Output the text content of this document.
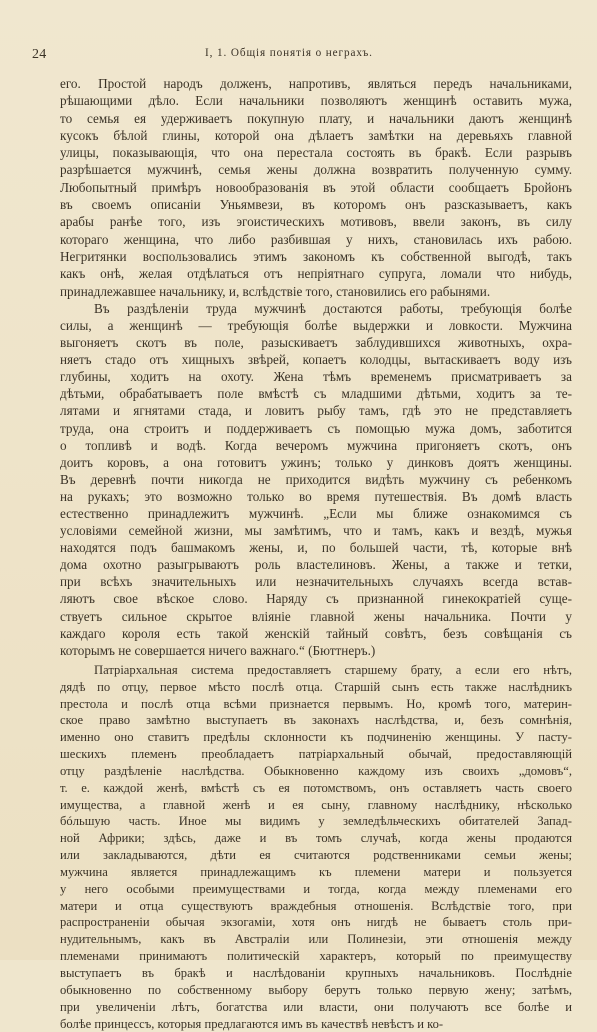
24	I, 1. Общія понятія о неграхъ.
его. Простой народъ долженъ, напротивъ, являться передъ начальниками,
рѣшающими дѣло. Если начальники позволяютъ женщинѣ оставить мужа,
то семья ея удерживаетъ покупную плату, и начальники даютъ женщинѣ
кусокъ бѣлой глины, которой она дѣлаетъ замѣтки на деревьяхъ главной
улицы, показывающія, что она перестала состоять въ бракѣ. Если разрывъ
разрѣшается мужчинѣ, семья жены должна возвратить полученную сумму.
Любопытный примѣръ новообразованія въ этой области сообщаетъ Бройонъ
въ своемъ описаніи Уньямвези, въ которомъ онъ разсказываетъ, какъ
арабы ранѣе того, изъ эгоистическихъ мотивовъ, ввели законъ, въ силу
котораго женщина, что либо разбившая у нихъ, становилась ихъ рабою.
Негритянки воспользовались этимъ закономъ къ собственной выгодѣ, такъ
какъ онѣ, желая отдѣлаться отъ непріятнаго супруга, ломали что нибудь,
принадлежавшее начальнику, и, вслѣдствіе того, становились его рабынями.
Въ раздѣленіи труда мужчинѣ достаются работы, требующія болѣе
силы, а женщинѣ — требующія болѣе выдержки и ловкости. Мужчина
выгоняетъ скотъ въ поле, разыскиваетъ заблудившихся животныхъ, охра-
няетъ стадо отъ хищныхъ звѣрей, копаетъ колодцы, вытаскиваетъ воду изъ
глубины, ходитъ на охоту. Жена тѣмъ временемъ присматриваетъ за
дѣтьми, обрабатываетъ поле вмѣстѣ съ младшими дѣтьми, ходитъ за те-
лятами и ягнятами стада, и ловитъ рыбу тамъ, гдѣ это не представляетъ
труда, она строитъ и поддерживаетъ съ помощью мужа домъ, заботится
о топливѣ и водѣ. Когда вечеромъ мужчина пригоняетъ скотъ, онъ
доитъ коровъ, а она готовитъ ужинъ; только у динковъ доятъ женщины.
Въ деревнѣ почти никогда не приходится видѣть мужчину съ ребенкомъ
на рукахъ; это возможно только во время путешествія. Въ домѣ власть
естественно принадлежитъ мужчинѣ. „Если мы ближе ознакомимся съ
условіями семейной жизни, мы замѣтимъ, что и тамъ, какъ и вездѣ, мужья
находятся подъ башмакомъ жены, и, по большей части, тѣ, которые внѣ
дома охотно разыгрываютъ роль властелиновъ. Жены, а также и тетки,
при всѣхъ значительныхъ или незначительныхъ случаяхъ всегда встав-
ляютъ свое вѣское слово. Наряду съ признанной гинекократіей суще-
ствуетъ сильное скрытое вліяніе главной жены начальника. Почти у
каждаго короля есть такой женскій тайный совѣтъ, безъ совѣщанія съ
которымъ не совершается ничего важнаго.“ (Бюттнеръ.)
Патріархальная система предоставляетъ старшему брату, а если его нѣтъ,
дядѣ по отцу, первое мѣсто послѣ отца. Старшій сынъ есть также наслѣдникъ
престола и послѣ отца всѣми признается первымъ. Но, кромѣ того, материн-
ское право замѣтно выступаетъ въ законахъ наслѣдства, и, безъ сомнѣнія,
именно оно ставитъ предѣлы склонности къ подчиненію женщины. У пасту-
шескихъ племенъ преобладаетъ патріархальный обычай, предоставляющій
отцу раздѣленіе наслѣдства. Обыкновенно каждому изъ своихъ „домовъ“,
т. е. каждой женѣ, вмѣстѣ съ ея потомствомъ, онъ оставляетъ часть своего
имущества, а главной женѣ и ея сыну, главному наслѣднику, нѣсколько
бóльшую часть. Иное мы видимъ у земледѣльческихъ обитателей Запад-
ной Африки; здѣсь, даже и въ томъ случаѣ, когда жены продаются
или закладываются, дѣти ея считаются родственниками семьи жены;
мужчина является принадлежащимъ къ племени матери и пользуется
у него особыми преимуществами и тогда, когда между племенами его
матери и отца существуютъ враждебныя отношенія. Вслѣдствіе того, при
распространеніи обычая экзогаміи, хотя онъ нигдѣ не бываетъ столь при-
нудительнымъ, какъ въ Австраліи или Полинезіи, эти отношенія между
племенами принимаютъ политическій характеръ, который по преимуществу
выступаетъ въ бракѣ и наслѣдованіи крупныхъ начальниковъ. Послѣдніе
обыкновенно по собственному выбору берутъ только первую жену; затѣмъ,
при увеличеніи лѣтъ, богатства или власти, они получаютъ все болѣе и
болѣе принцессъ, которыя предлагаются имъ въ качествѣ невѣстъ и ко-
